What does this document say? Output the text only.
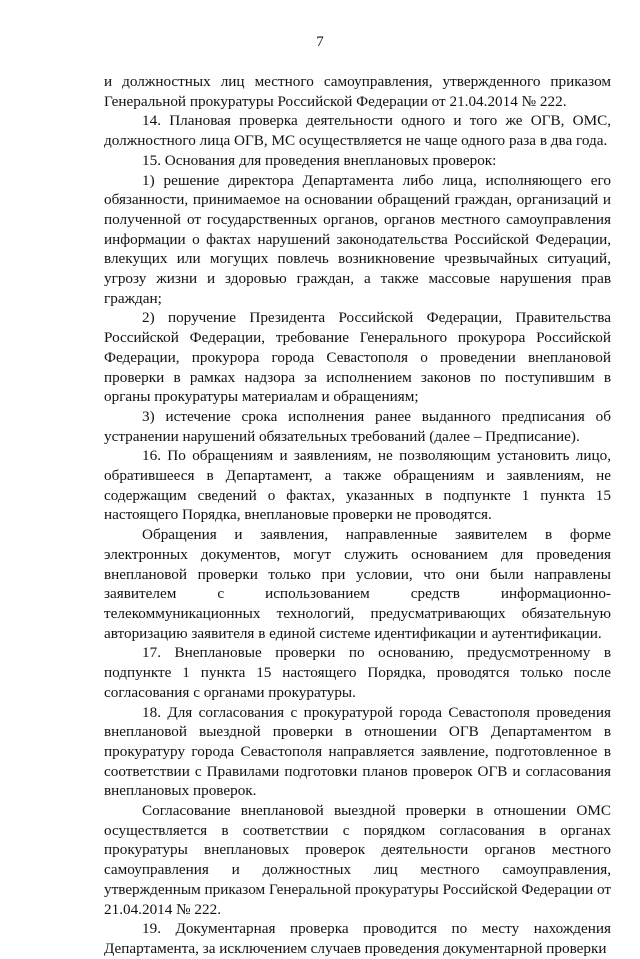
7

и должностных лиц местного самоуправления, утвержденного приказом Генеральной прокуратуры Российской Федерации от 21.04.2014 № 222.

14. Плановая проверка деятельности одного и того же ОГВ, ОМС, должностного лица ОГВ, МС осуществляется не чаще одного раза в два года.

15. Основания для проведения внеплановых проверок:

1) решение директора Департамента либо лица, исполняющего его обязанности, принимаемое на основании обращений граждан, организаций и полученной от государственных органов, органов местного самоуправления информации о фактах нарушений законодательства Российской Федерации, влекущих или могущих повлечь возникновение чрезвычайных ситуаций, угрозу жизни и здоровью граждан, а также массовые нарушения прав граждан;

2) поручение Президента Российской Федерации, Правительства Российской Федерации, требование Генерального прокурора Российской Федерации, прокурора города Севастополя о проведении внеплановой проверки в рамках надзора за исполнением законов по поступившим в органы прокуратуры материалам и обращениям;

3) истечение срока исполнения ранее выданного предписания об устранении нарушений обязательных требований (далее – Предписание).

16. По обращениям и заявлениям, не позволяющим установить лицо, обратившееся в Департамент, а также обращениям и заявлениям, не содержащим сведений о фактах, указанных в подпункте 1 пункта 15 настоящего Порядка, внеплановые проверки не проводятся.

Обращения и заявления, направленные заявителем в форме электронных документов, могут служить основанием для проведения внеплановой проверки только при условии, что они были направлены заявителем с использованием средств информационно-телекоммуникационных технологий, предусматривающих обязательную авторизацию заявителя в единой системе идентификации и аутентификации.

17. Внеплановые проверки по основанию, предусмотренному в подпункте 1 пункта 15 настоящего Порядка, проводятся только после согласования с органами прокуратуры.

18. Для согласования с прокуратурой города Севастополя проведения внеплановой выездной проверки в отношении ОГВ Департаментом в прокуратуру города Севастополя направляется заявление, подготовленное в соответствии с Правилами подготовки планов проверок ОГВ и согласования внеплановых проверок.

Согласование внеплановой выездной проверки в отношении ОМС осуществляется в соответствии с порядком согласования в органах прокуратуры внеплановых проверок деятельности органов местного самоуправления и должностных лиц местного самоуправления, утвержденным приказом Генеральной прокуратуры Российской Федерации от 21.04.2014 № 222.

19. Документарная проверка проводится по месту нахождения Департамента, за исключением случаев проведения документарной проверки
